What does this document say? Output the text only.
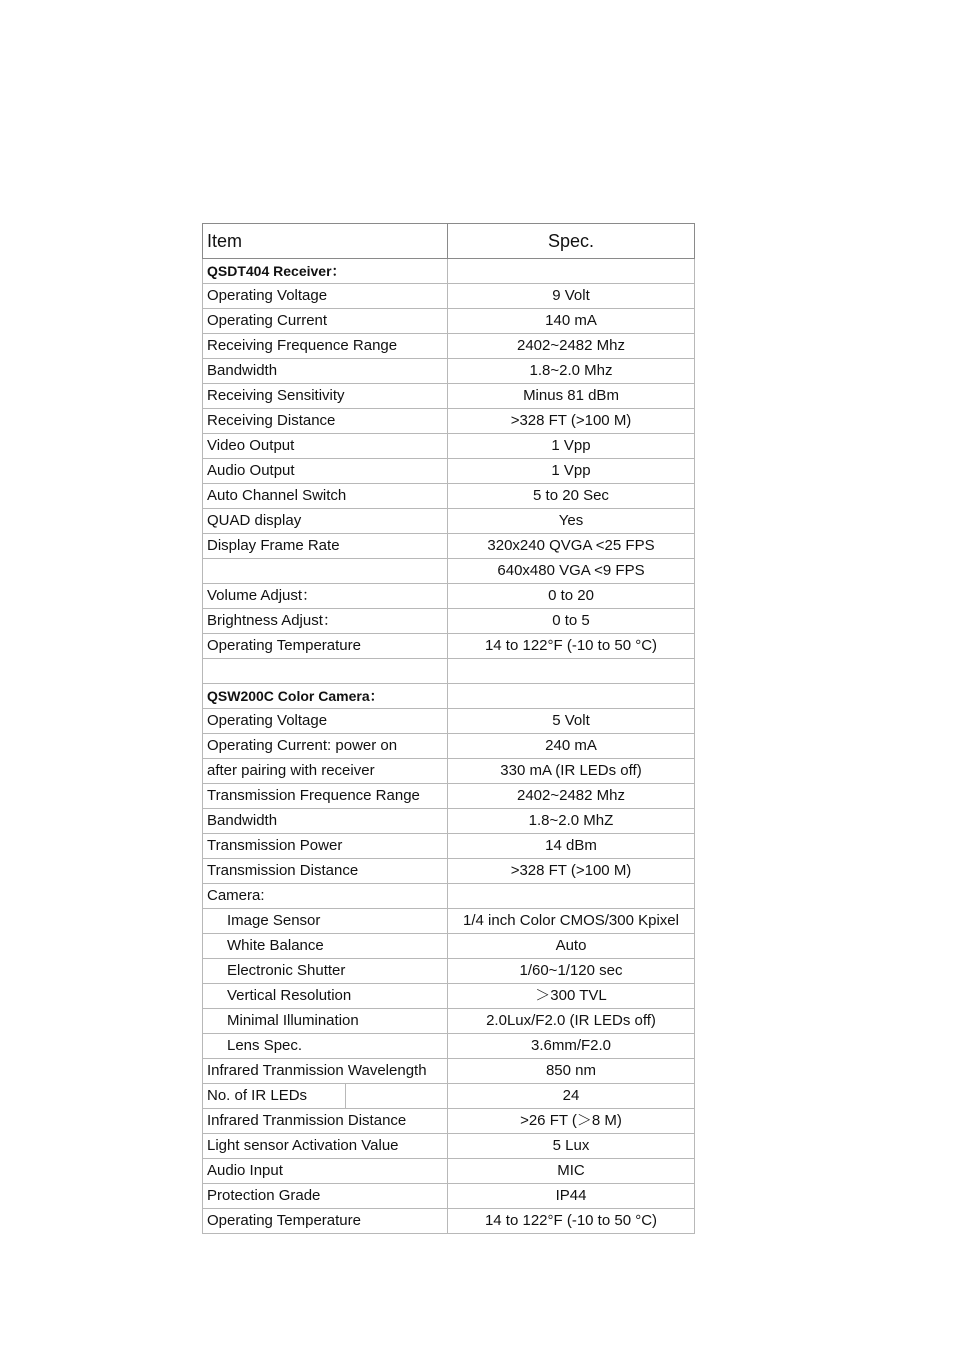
Item	Spec.
QSDT404 Receiver：	
Operating Voltage	9 Volt
Operating Current	140 mA
Receiving Frequence Range	2402~2482 Mhz
Bandwidth	1.8~2.0 Mhz
Receiving Sensitivity	Minus 81 dBm
Receiving Distance	>328 FT (>100 M)
Video Output	1 Vpp
Audio Output	1 Vpp
Auto Channel Switch	5 to 20 Sec
QUAD display	Yes
Display Frame Rate	320x240 QVGA <25 FPS
	640x480 VGA <9 FPS
Volume Adjust：	0 to 20
Brightness Adjust：	0 to 5
Operating Temperature	14 to 122°F (-10 to 50 °C)

QSW200C Color Camera：	
Operating Voltage	5 Volt
Operating Current: power on	240 mA
after pairing with receiver	330 mA (IR LEDs off)
Transmission Frequence Range	2402~2482 Mhz
Bandwidth	1.8~2.0 MhZ
Transmission Power	14 dBm
Transmission Distance	>328 FT (>100 M)
Camera:	
Image Sensor	1/4 inch Color CMOS/300 Kpixel
White Balance	Auto
Electronic Shutter	1/60~1/120 sec
Vertical Resolution	＞300 TVL
Minimal Illumination	2.0Lux/F2.0 (IR LEDs off)
Lens Spec.	3.6mm/F2.0
Infrared Tranmission Wavelength	850 nm
No. of IR LEDs	24
Infrared Tranmission Distance	>26 FT (＞8 M)
Light sensor Activation Value	5 Lux
Audio Input	MIC
Protection Grade	IP44
Operating Temperature	14 to 122°F (-10 to 50 °C)
